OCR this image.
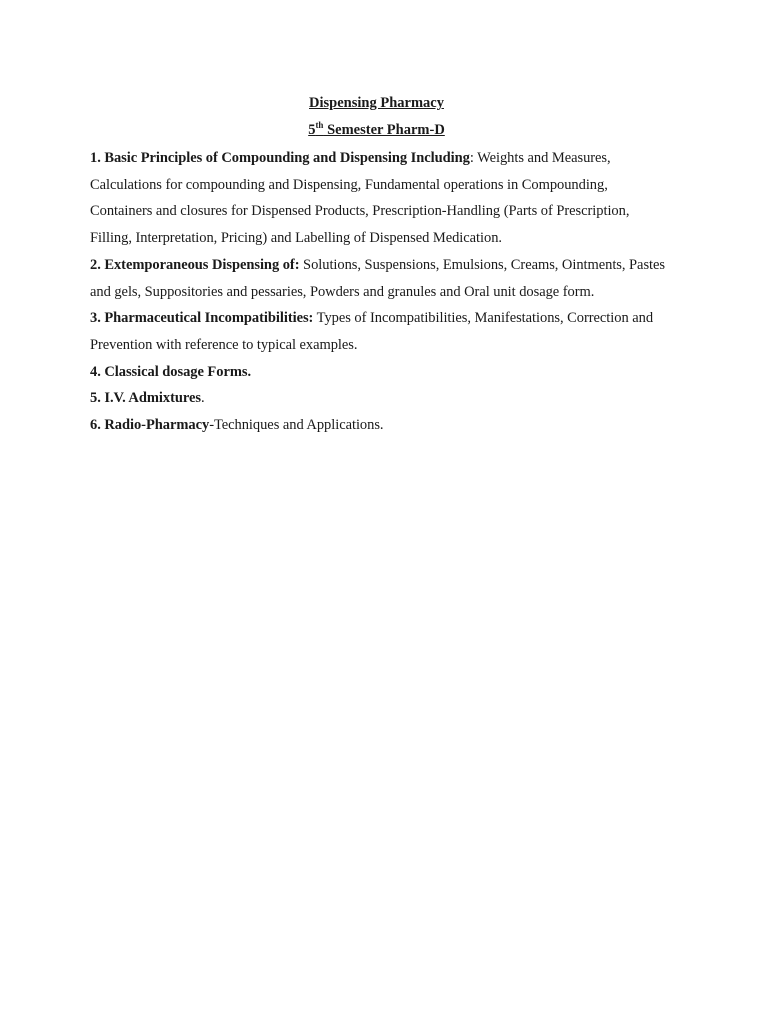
Dispensing Pharmacy

5th Semester Pharm-D

1. Basic Principles of Compounding and Dispensing Including: Weights and Measures, Calculations for compounding and Dispensing, Fundamental operations in Compounding, Containers and closures for Dispensed Products, Prescription-Handling (Parts of Prescription, Filling, Interpretation, Pricing) and Labelling of Dispensed Medication.

2. Extemporaneous Dispensing of: Solutions, Suspensions, Emulsions, Creams, Ointments, Pastes and gels, Suppositories and pessaries, Powders and granules and Oral unit dosage form.

3. Pharmaceutical Incompatibilities: Types of Incompatibilities, Manifestations, Correction and Prevention with reference to typical examples.

4. Classical dosage Forms.

5. I.V. Admixtures.

6. Radio-Pharmacy-Techniques and Applications.
